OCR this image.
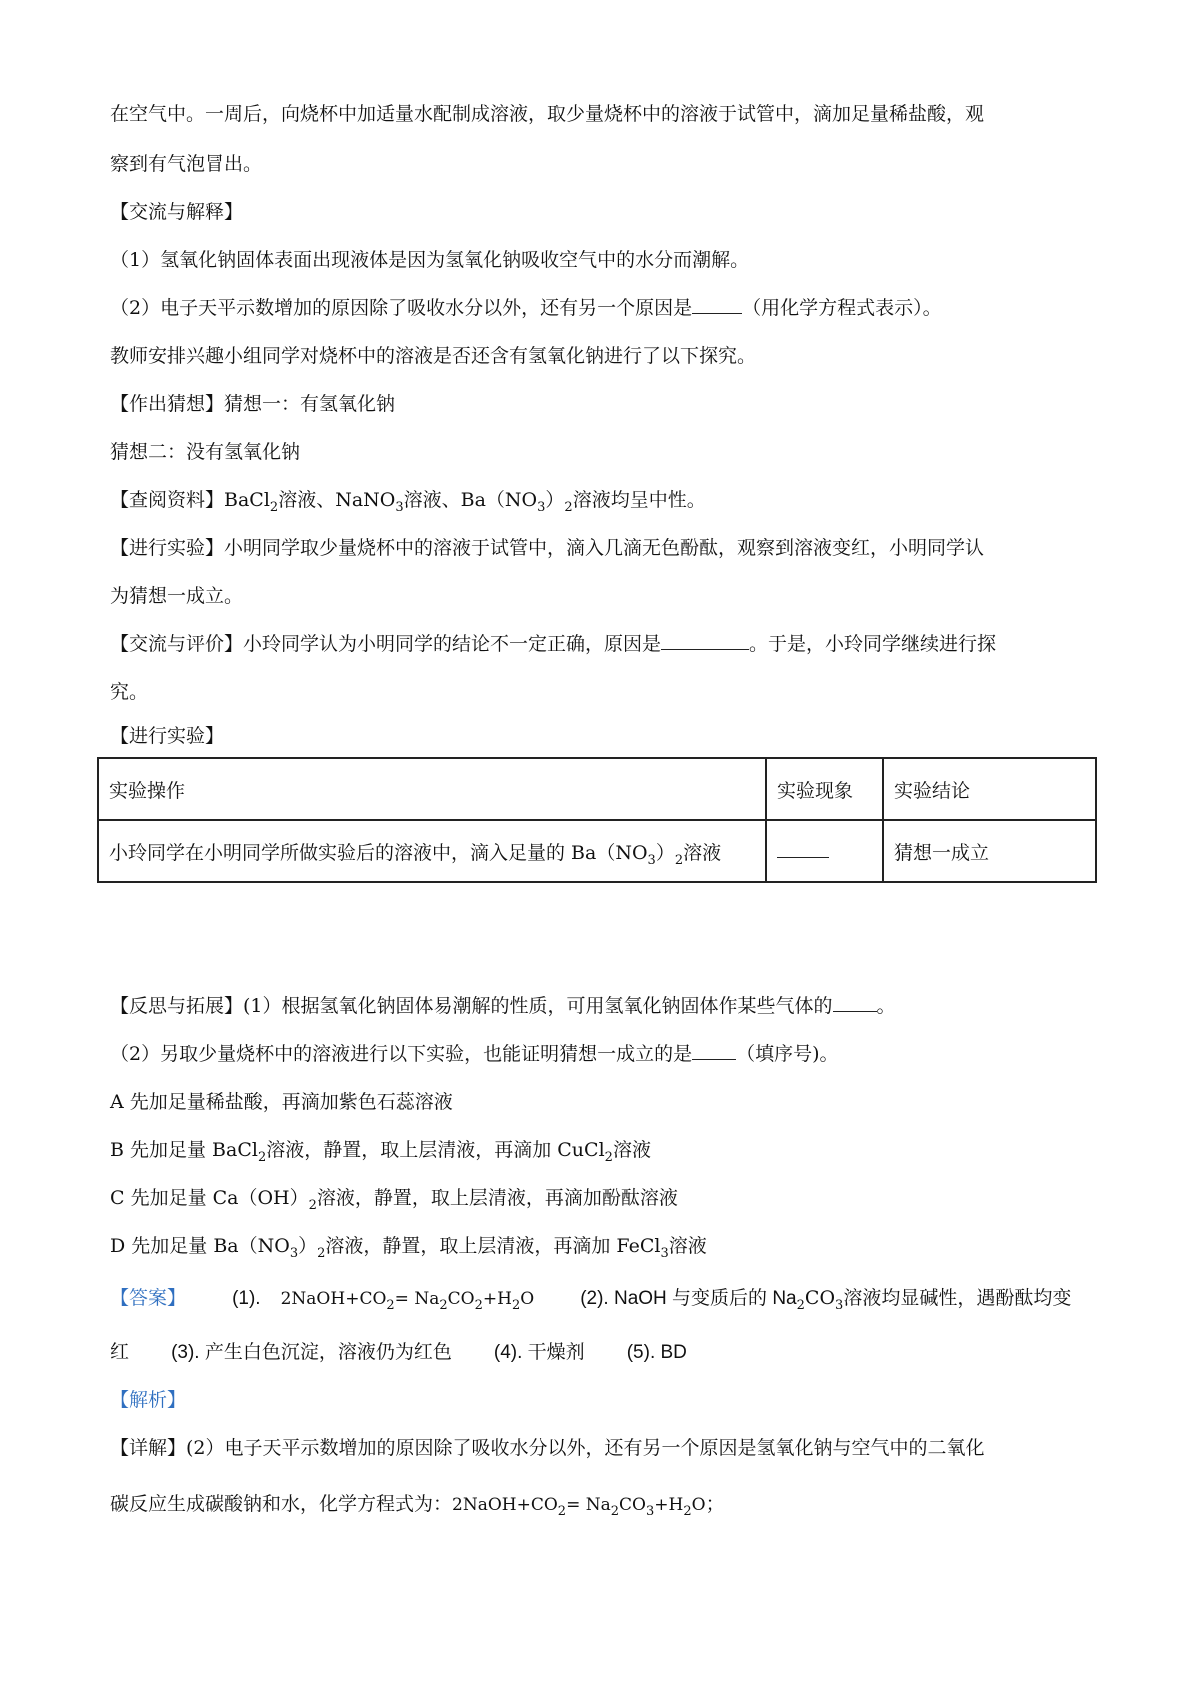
在空气中。一周后，向烧杯中加适量水配制成溶液，取少量烧杯中的溶液于试管中，滴加足量稀盐酸，观
察到有气泡冒出。
【交流与解释】
（1）氢氧化钠固体表面出现液体是因为氢氧化钠吸收空气中的水分而潮解。
（2）电子天平示数增加的原因除了吸收水分以外，还有另一个原因是	（用化学方程式表示）。
教师安排兴趣小组同学对烧杯中的溶液是否还含有氢氧化钠进行了以下探究。
【作出猜想】猜想一：有氢氧化钠
猜想二：没有氢氧化钠
【查阅资料】BaCl$_2$溶液、NaNO$_3$溶液、$Ba(NO_3)_2$溶液均呈中性。
【进行实验】小明同学取少量烧杯中的溶液于试管中，滴入几滴无色酚酞，观察到溶液变红，小明同学认
为猜想一成立。
【交流与评价】小玲同学认为小明同学的结论不一定正确，原因是	。于是，小玲同学继续进行探
究。
【进行实验】
实验操作	实验现象	实验结论
小玲同学在小明同学所做实验后的溶液中，滴入足量的 $Ba(NO_3)_2$溶液		猜想一成立
【反思与拓展】(1）根据氢氧化钠固体易潮解的性质，可用氢氧化钠固体作某些气体的 。
（2）另取少量烧杯中的溶液进行以下实验，也能证明猜想一成立的是 （填序号)。
A 先加足量稀盐酸，再滴加紫色石蕊溶液
B 先加足量 BaCl$_2$溶液，静置，取上层清液，再滴加 CuCl$_2$溶液
C 先加足量 $Ca(OH)_2$溶液，静置，取上层清液，再滴加酚酞溶液
D 先加足量 $Ba(NO_3)_2$溶液，静置，取上层清液，再滴加 FeCl$_3$溶液
【答案】 (1). $2NaOH+CO_2= Na_2CO_2+H_2O$ (2). NaOH 与变质后的 $Na_2CO_3$溶液均显碱性，遇酚酞均变
红 (3). 产生白色沉淀，溶液仍为红色 (4). 干燥剂 (5). BD
【解析】
【详解】(2）电子天平示数增加的原因除了吸收水分以外，还有另一个原因是氢氧化钠与空气中的二氧化
碳反应生成碳酸钠和水，化学方程式为：$2NaOH+CO_2= Na_2CO_3+H_2O$；
